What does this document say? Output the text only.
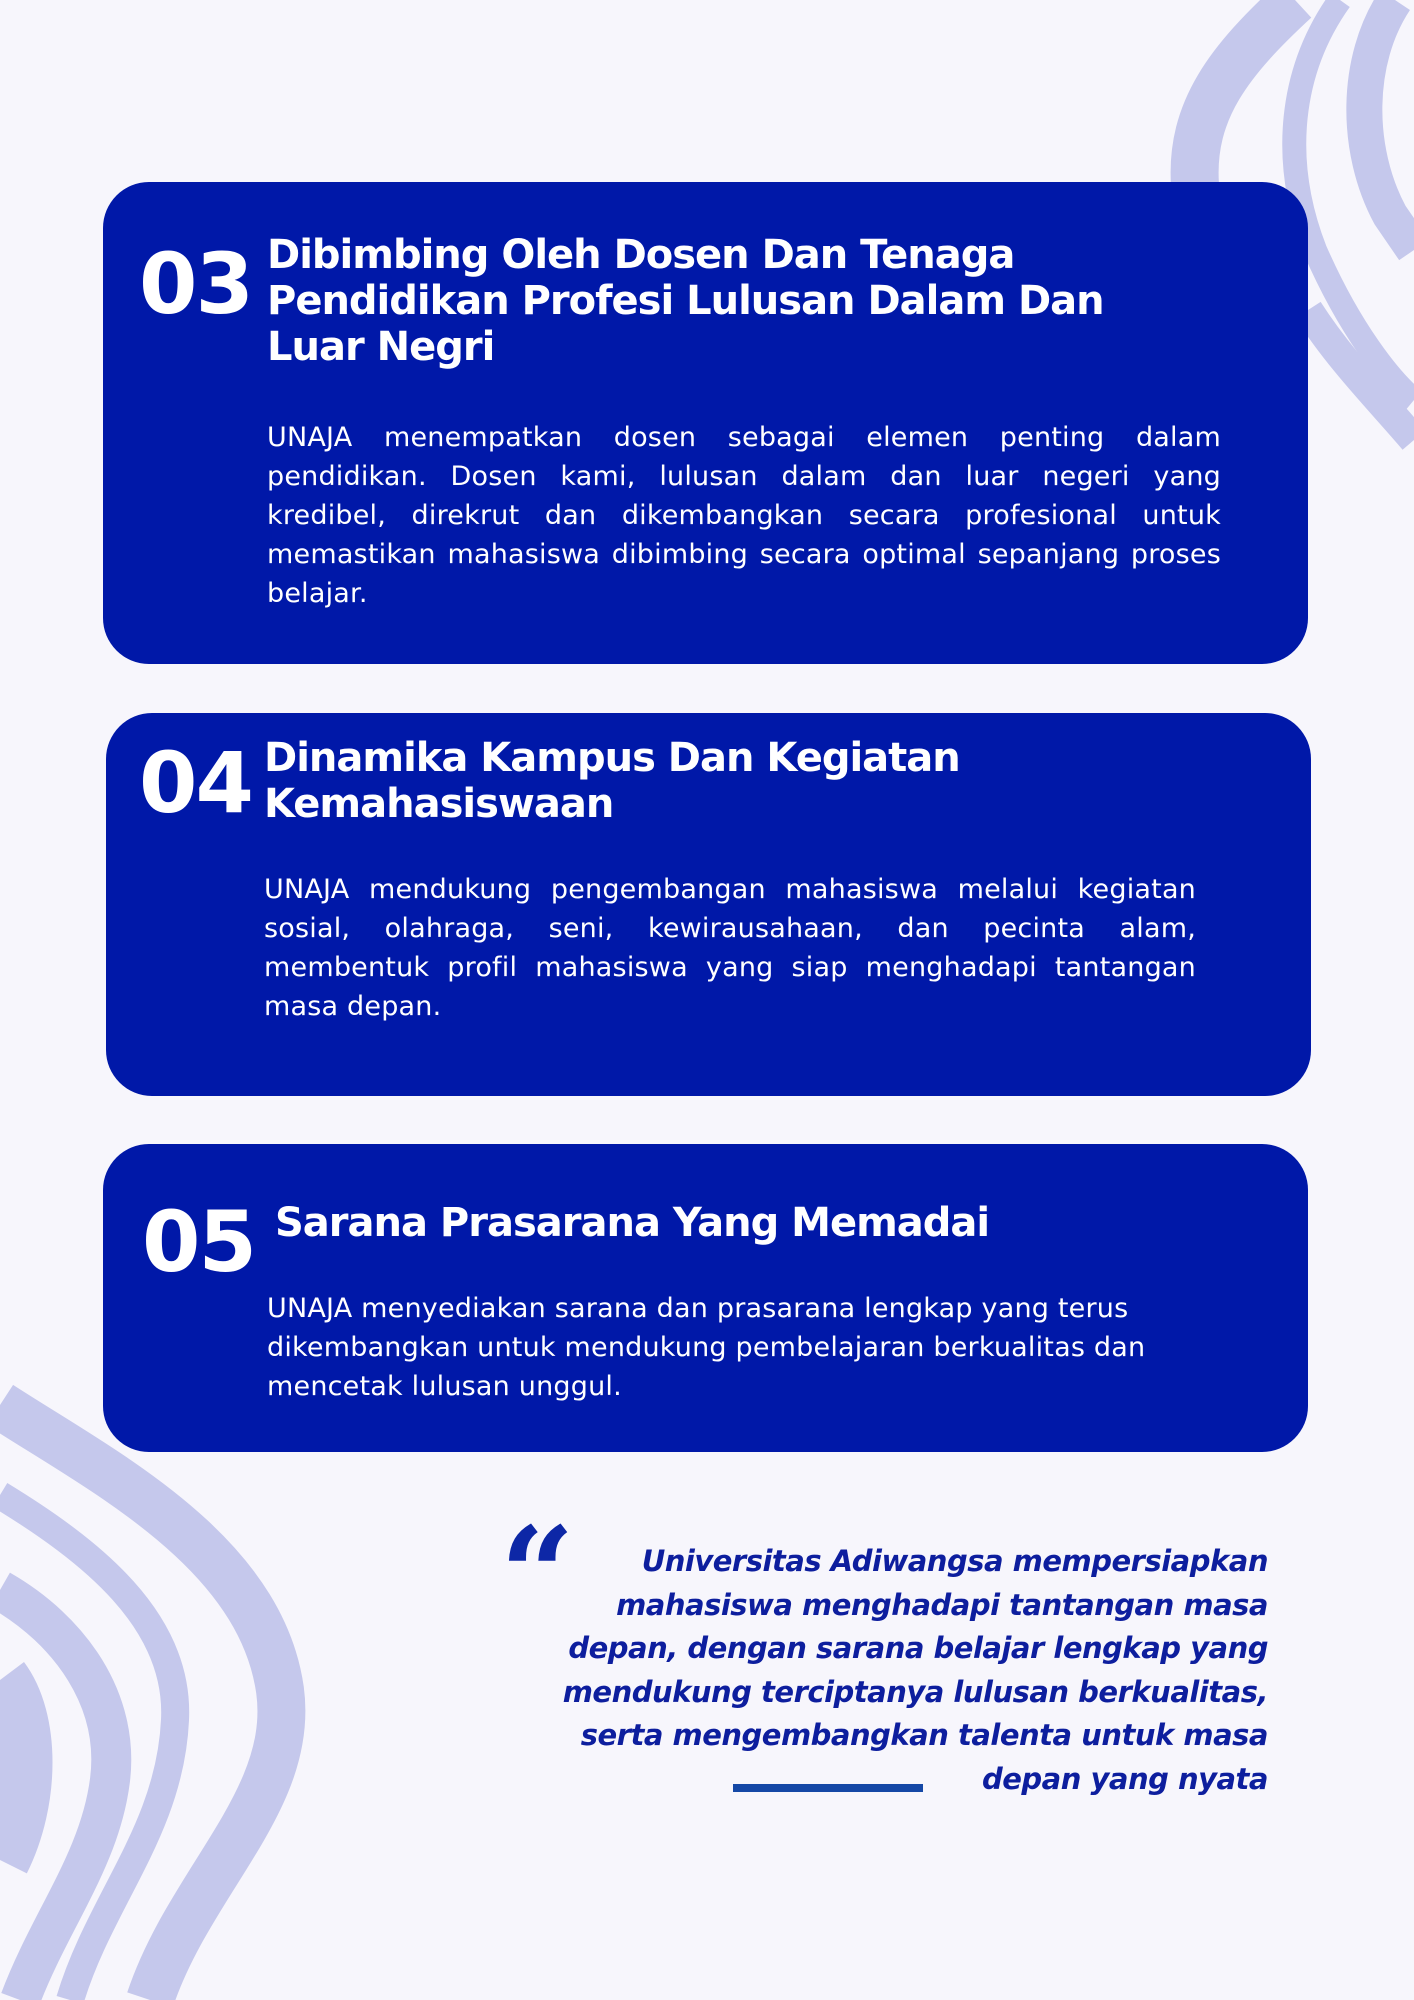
03 Dibimbing Oleh Dosen Dan Tenaga Pendidikan Profesi Lulusan Dalam Dan Luar Negri

UNAJA menempatkan dosen sebagai elemen penting dalam pendidikan. Dosen kami, lulusan dalam dan luar negeri yang kredibel, direkrut dan dikembangkan secara profesional untuk memastikan mahasiswa dibimbing secara optimal sepanjang proses belajar.

04 Dinamika Kampus Dan Kegiatan Kemahasiswaan

UNAJA mendukung pengembangan mahasiswa melalui kegiatan sosial, olahraga, seni, kewirausahaan, dan pecinta alam, membentuk profil mahasiswa yang siap menghadapi tantangan masa depan.

05 Sarana Prasarana Yang Memadai

UNAJA menyediakan sarana dan prasarana lengkap yang terus dikembangkan untuk mendukung pembelajaran berkualitas dan mencetak lulusan unggul.

“	Universitas Adiwangsa mempersiapkan mahasiswa menghadapi tantangan masa depan, dengan sarana belajar lengkap yang mendukung terciptanya lulusan berkualitas, serta mengembangkan talenta untuk masa depan yang nyata
